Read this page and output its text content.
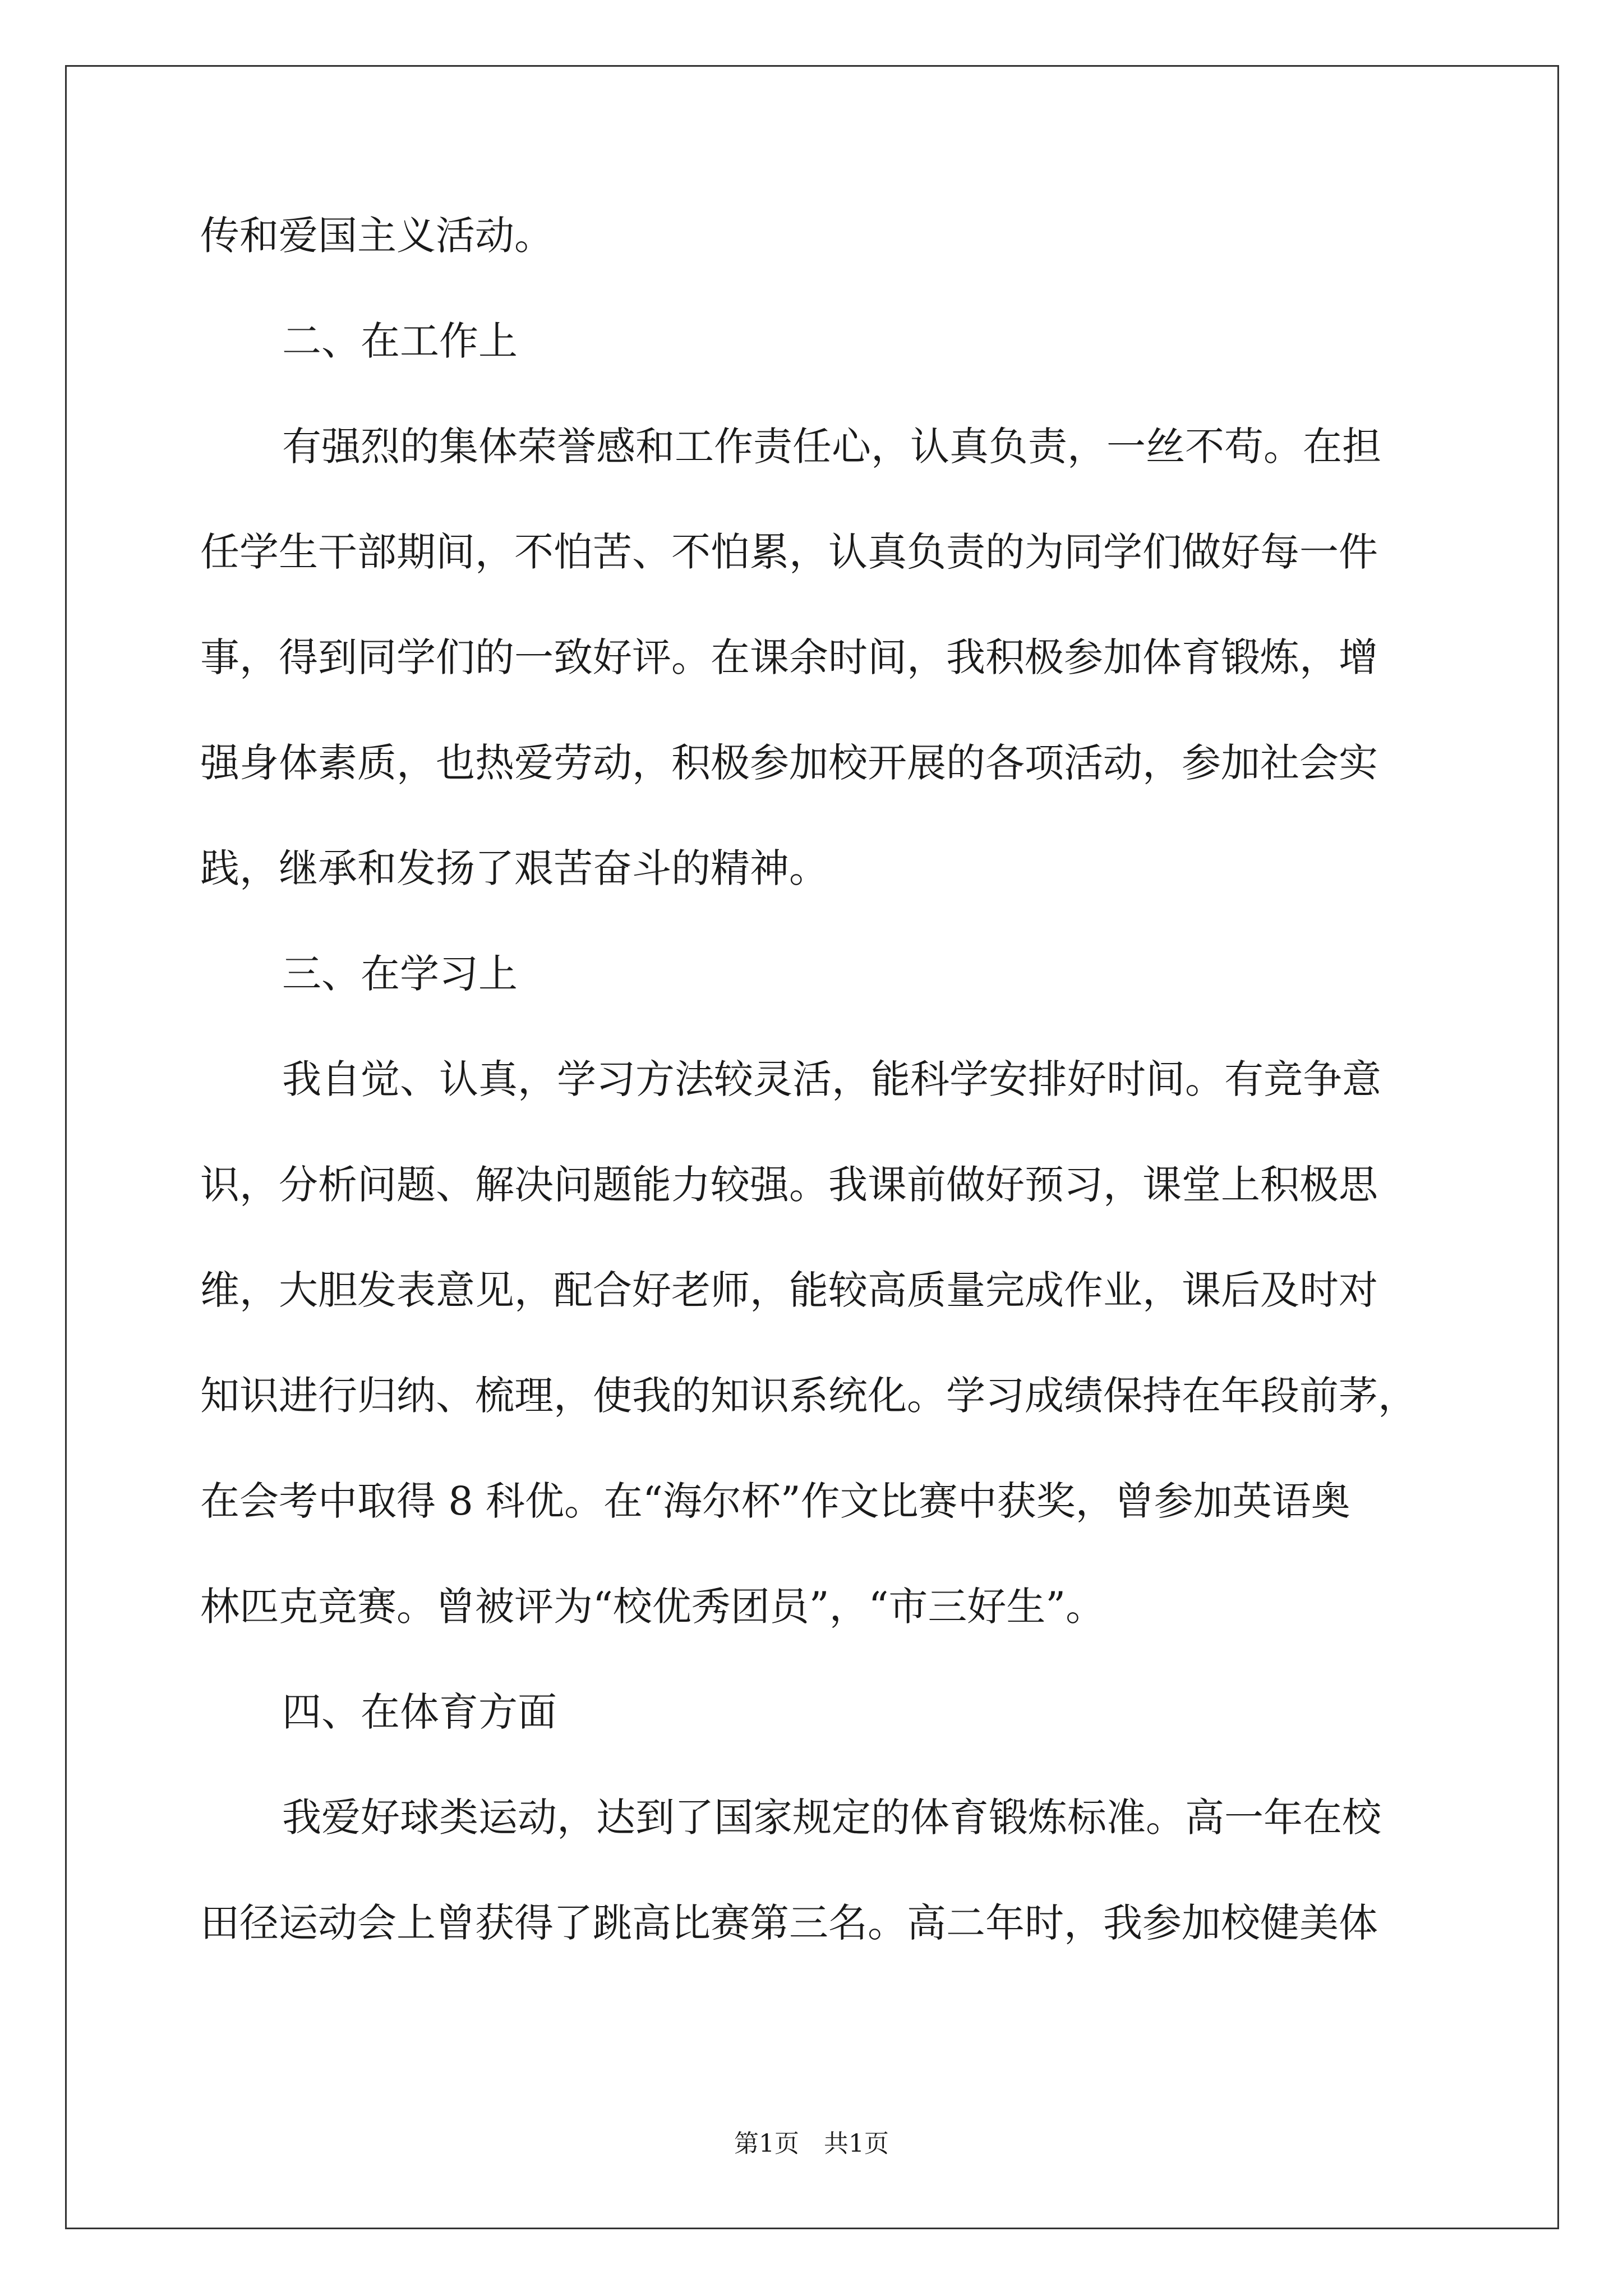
传和爱国主义活动。
二、在工作上
有强烈的集体荣誉感和工作责任心，认真负责，一丝不苟。在担
任学生干部期间，不怕苦、不怕累，认真负责的为同学们做好每一件
事，得到同学们的一致好评。在课余时间，我积极参加体育锻炼，增
强身体素质，也热爱劳动，积极参加校开展的各项活动，参加社会实
践，继承和发扬了艰苦奋斗的精神。
三、在学习上
我自觉、认真，学习方法较灵活，能科学安排好时间。有竞争意
识，分析问题、解决问题能力较强。我课前做好预习，课堂上积极思
维，大胆发表意见，配合好老师，能较高质量完成作业，课后及时对
知识进行归纳、梳理，使我的知识系统化。学习成绩保持在年段前茅，
在会考中取得 8 科优。在“海尔杯”作文比赛中获奖，曾参加英语奥
林匹克竞赛。曾被评为“校优秀团员”，“市三好生”。
四、在体育方面
我爱好球类运动，达到了国家规定的体育锻炼标准。高一年在校
田径运动会上曾获得了跳高比赛第三名。高二年时，我参加校健美体
第1页　共1页
